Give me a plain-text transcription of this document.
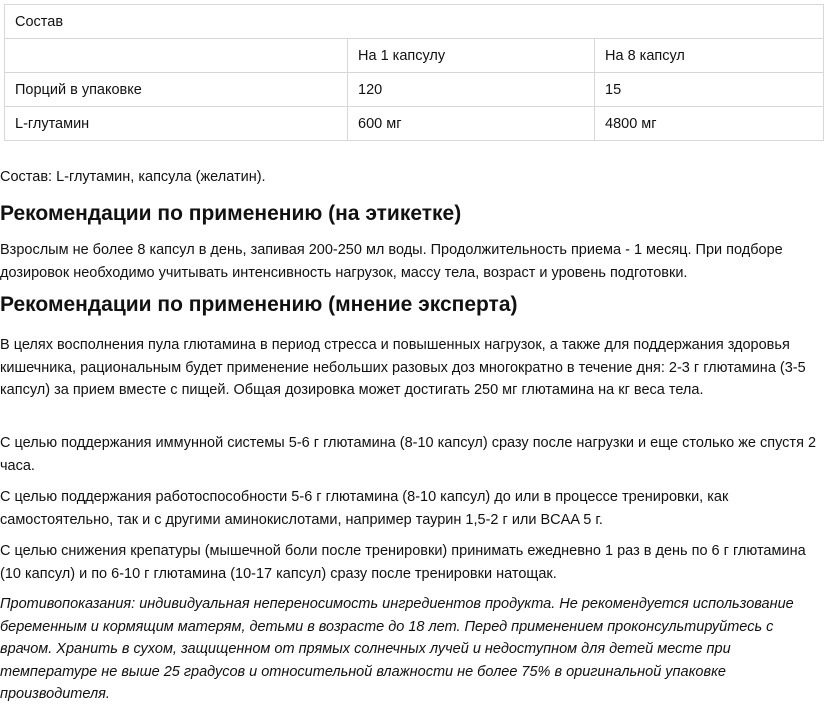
Состав		
	На 1 капсулу	На 8 капсул
Порций в упаковке	120	15
L-глутамин	600 мг	4800 мг

Состав: L-глутамин, капсула (желатин).

Рекомендации по применению (на этикетке)

Взрослым не более 8 капсул в день, запивая 200-250 мл воды. Продолжительность приема - 1 месяц. При подборе дозировок необходимо учитывать интенсивность нагрузок, массу тела, возраст и уровень подготовки.

Рекомендации по применению (мнение эксперта)

В целях восполнения пула глютамина в период стресса и повышенных нагрузок, а также для поддержания здоровья кишечника, рациональным будет применение небольших разовых доз многократно в течение дня: 2-3 г глютамина (3-5 капсул) за прием вместе с пищей. Общая дозировка может достигать 250 мг глютамина на кг веса тела.

С целью поддержания иммунной системы 5-6 г глютамина (8-10 капсул) сразу после нагрузки и еще столько же спустя 2 часа.

С целью поддержания работоспособности 5-6 г глютамина (8-10 капсул) до или в процессе тренировки, как самостоятельно, так и с другими аминокислотами, например таурин 1,5-2 г или BCAA 5 г.

С целью снижения крепатуры (мышечной боли после тренировки) принимать ежедневно 1 раз в день по 6 г глютамина (10 капсул) и по 6-10 г глютамина (10-17 капсул) сразу после тренировки натощак.

Противопоказания: индивидуальная непереносимость ингредиентов продукта. Не рекомендуется использование беременным и кормящим матерям, детьми в возрасте до 18 лет. Перед применением проконсультируйтесь с врачом. Хранить в сухом, защищенном от прямых солнечных лучей и недоступном для детей месте при температуре не выше 25 градусов и относительной влажности не более 75% в оригинальной упаковке производителя.
